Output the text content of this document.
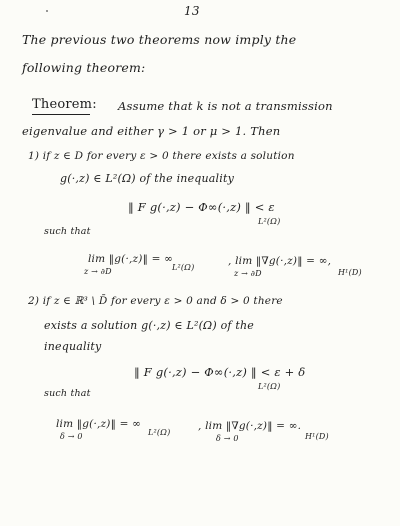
13
The previous two theorems now imply the
following theorem:
Theorem: Assume that k is not a transmission
eigenvalue and either γ > 1 or μ > 1. Then
1) if z ∈ D for every ε > 0 there exists a solution
g(·,z) ∈ L²(Ω) of the inequality
‖ F g(·,z) − Φ∞(·,z) ‖ < ε
L²(Ω)
such that
lim ‖g(·,z)‖ = ∞
z → ∂D	L²(Ω)
, lim ‖∇g(·,z)‖ = ∞,
z → ∂D	H¹(D)
2) if z ∈ ℝ³ \ D̄ for every ε > 0 and δ > 0 there
exists a solution g(·,z) ∈ L²(Ω) of the
inequality
‖ F g(·,z) − Φ∞(·,z) ‖ < ε + δ
L²(Ω)
such that
lim ‖g(·,z)‖ = ∞
δ → 0	L²(Ω)
, lim ‖∇g(·,z)‖ = ∞.
δ → 0	H¹(D)
